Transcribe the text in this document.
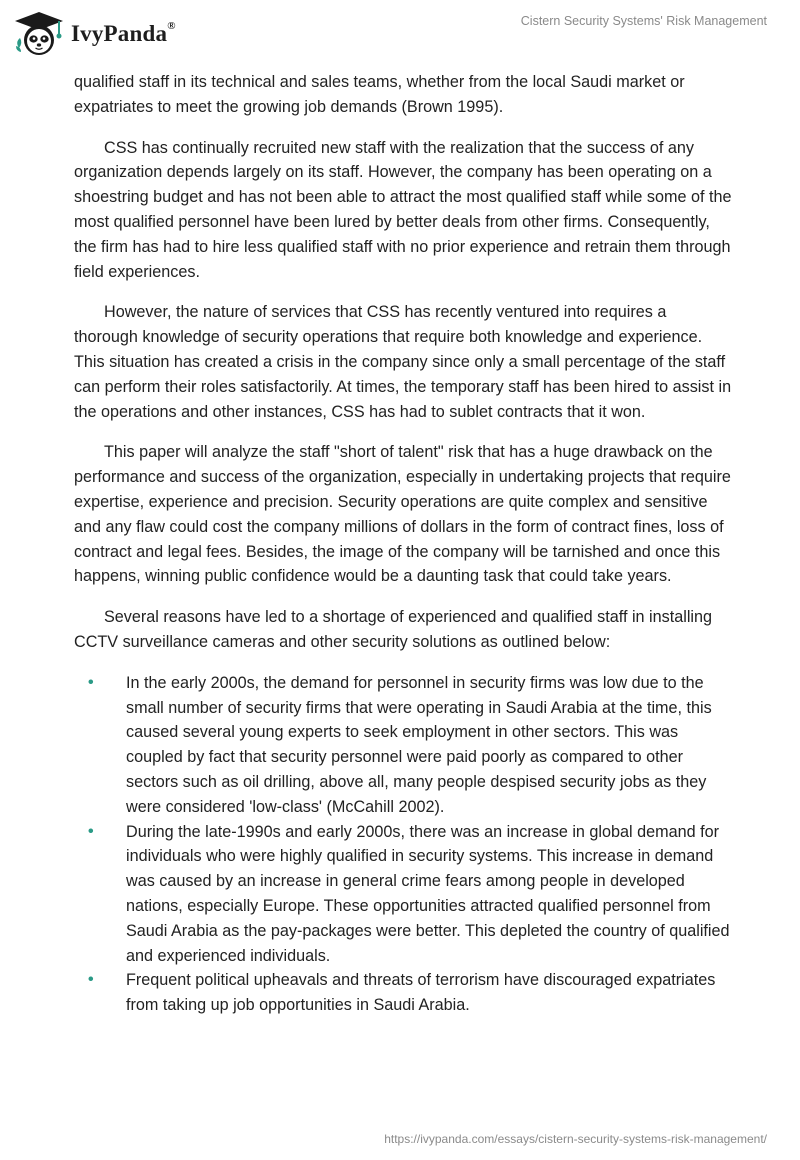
IvyPanda®	Cistern Security Systems' Risk Management

qualified staff in its technical and sales teams, whether from the local Saudi market or expatriates to meet the growing job demands (Brown 1995).

CSS has continually recruited new staff with the realization that the success of any organization depends largely on its staff. However, the company has been operating on a shoestring budget and has not been able to attract the most qualified staff while some of the most qualified personnel have been lured by better deals from other firms. Consequently, the firm has had to hire less qualified staff with no prior experience and retrain them through field experiences.

However, the nature of services that CSS has recently ventured into requires a thorough knowledge of security operations that require both knowledge and experience. This situation has created a crisis in the company since only a small percentage of the staff can perform their roles satisfactorily. At times, the temporary staff has been hired to assist in the operations and other instances, CSS has had to sublet contracts that it won.

This paper will analyze the staff "short of talent" risk that has a huge drawback on the performance and success of the organization, especially in undertaking projects that require expertise, experience and precision. Security operations are quite complex and sensitive and any flaw could cost the company millions of dollars in the form of contract fines, loss of contract and legal fees. Besides, the image of the company will be tarnished and once this happens, winning public confidence would be a daunting task that could take years.

Several reasons have led to a shortage of experienced and qualified staff in installing CCTV surveillance cameras and other security solutions as outlined below:

• In the early 2000s, the demand for personnel in security firms was low due to the small number of security firms that were operating in Saudi Arabia at the time, this caused several young experts to seek employment in other sectors. This was coupled by fact that security personnel were paid poorly as compared to other sectors such as oil drilling, above all, many people despised security jobs as they were considered 'low-class' (McCahill 2002).
• During the late-1990s and early 2000s, there was an increase in global demand for individuals who were highly qualified in security systems. This increase in demand was caused by an increase in general crime fears among people in developed nations, especially Europe. These opportunities attracted qualified personnel from Saudi Arabia as the pay-packages were better. This depleted the country of qualified and experienced individuals.
• Frequent political upheavals and threats of terrorism have discouraged expatriates from taking up job opportunities in Saudi Arabia.
https://ivypanda.com/essays/cistern-security-systems-risk-management/
